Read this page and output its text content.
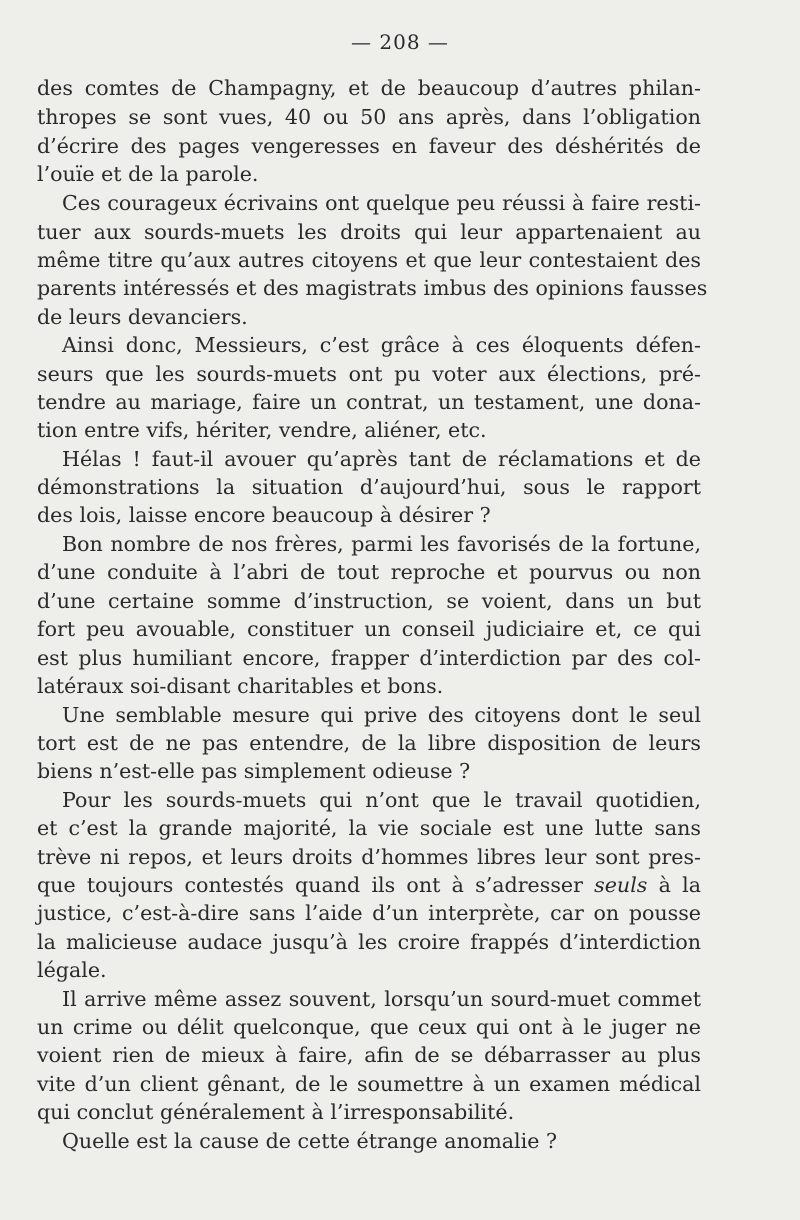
— 208 —
des comtes de Champagny, et de beaucoup d’autres philan-
thropes se sont vues, 40 ou 50 ans après, dans l’obligation
d’écrire des pages vengeresses en faveur des déshérités de
l’ouïe et de la parole.
Ces courageux écrivains ont quelque peu réussi à faire resti-
tuer aux sourds-muets les droits qui leur appartenaient au
même titre qu’aux autres citoyens et que leur contestaient des
parents intéressés et des magistrats imbus des opinions fausses
de leurs devanciers.
Ainsi donc, Messieurs, c’est grâce à ces éloquents défen-
seurs que les sourds-muets ont pu voter aux élections, pré-
tendre au mariage, faire un contrat, un testament, une dona-
tion entre vifs, hériter, vendre, aliéner, etc.
Hélas ! faut-il avouer qu’après tant de réclamations et de
démonstrations la situation d’aujourd’hui, sous le rapport
des lois, laisse encore beaucoup à désirer ?
Bon nombre de nos frères, parmi les favorisés de la fortune,
d’une conduite à l’abri de tout reproche et pourvus ou non
d’une certaine somme d’instruction, se voient, dans un but
fort peu avouable, constituer un conseil judiciaire et, ce qui
est plus humiliant encore, frapper d’interdiction par des col-
latéraux soi-disant charitables et bons.
Une semblable mesure qui prive des citoyens dont le seul
tort est de ne pas entendre, de la libre disposition de leurs
biens n’est-elle pas simplement odieuse ?
Pour les sourds-muets qui n’ont que le travail quotidien,
et c’est la grande majorité, la vie sociale est une lutte sans
trève ni repos, et leurs droits d’hommes libres leur sont pres-
que toujours contestés quand ils ont à s’adresser seuls à la
justice, c’est-à-dire sans l’aide d’un interprète, car on pousse
la malicieuse audace jusqu’à les croire frappés d’interdiction
légale.
Il arrive même assez souvent, lorsqu’un sourd-muet commet
un crime ou délit quelconque, que ceux qui ont à le juger ne
voient rien de mieux à faire, afin de se débarrasser au plus
vite d’un client gênant, de le soumettre à un examen médical
qui conclut généralement à l’irresponsabilité.
Quelle est la cause de cette étrange anomalie ?
